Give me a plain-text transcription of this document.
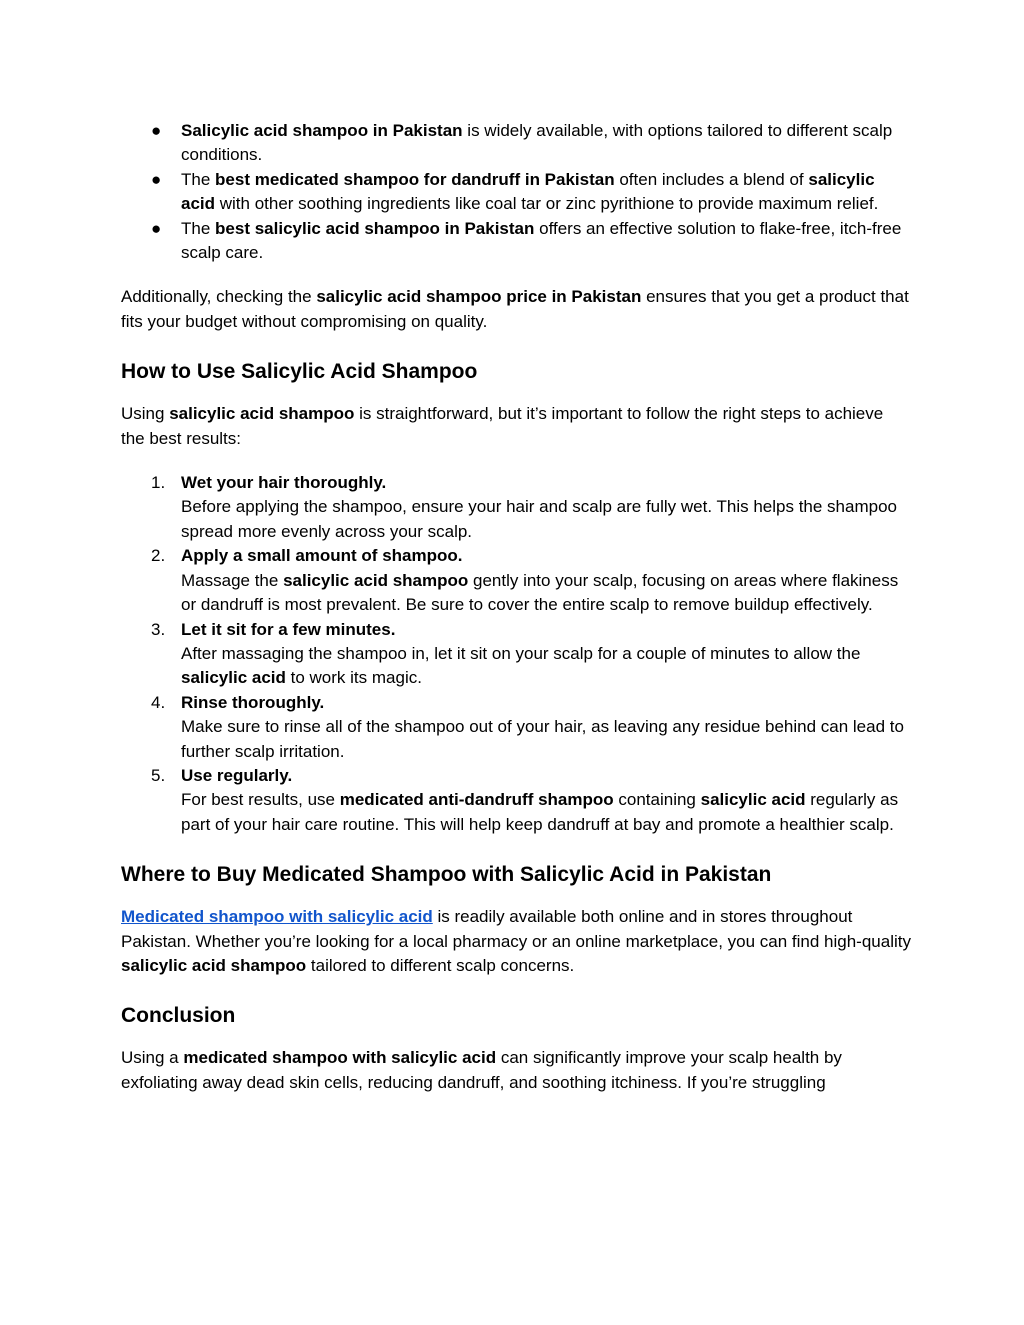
● Salicylic acid shampoo in Pakistan is widely available, with options tailored to different scalp conditions.
● The best medicated shampoo for dandruff in Pakistan often includes a blend of salicylic acid with other soothing ingredients like coal tar or zinc pyrithione to provide maximum relief.
● The best salicylic acid shampoo in Pakistan offers an effective solution to flake-free, itch-free scalp care.

Additionally, checking the salicylic acid shampoo price in Pakistan ensures that you get a product that fits your budget without compromising on quality.

How to Use Salicylic Acid Shampoo

Using salicylic acid shampoo is straightforward, but it’s important to follow the right steps to achieve the best results:

1. Wet your hair thoroughly.
Before applying the shampoo, ensure your hair and scalp are fully wet. This helps the shampoo spread more evenly across your scalp.
2. Apply a small amount of shampoo.
Massage the salicylic acid shampoo gently into your scalp, focusing on areas where flakiness or dandruff is most prevalent. Be sure to cover the entire scalp to remove buildup effectively.
3. Let it sit for a few minutes.
After massaging the shampoo in, let it sit on your scalp for a couple of minutes to allow the salicylic acid to work its magic.
4. Rinse thoroughly.
Make sure to rinse all of the shampoo out of your hair, as leaving any residue behind can lead to further scalp irritation.
5. Use regularly.
For best results, use medicated anti-dandruff shampoo containing salicylic acid regularly as part of your hair care routine. This will help keep dandruff at bay and promote a healthier scalp.
Where to Buy Medicated Shampoo with Salicylic Acid in Pakistan

Medicated shampoo with salicylic acid is readily available both online and in stores throughout Pakistan. Whether you’re looking for a local pharmacy or an online marketplace, you can find high-quality salicylic acid shampoo tailored to different scalp concerns.

Conclusion

Using a medicated shampoo with salicylic acid can significantly improve your scalp health by exfoliating away dead skin cells, reducing dandruff, and soothing itchiness. If you’re struggling
